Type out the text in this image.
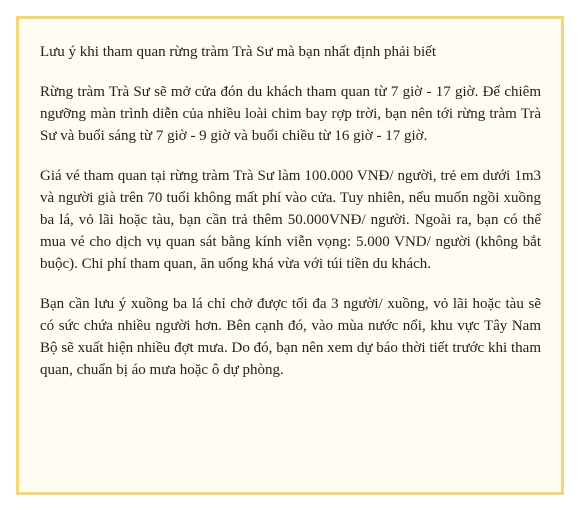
Lưu ý khi tham quan rừng tràm Trà Sư mà bạn nhất định phải biết

Rừng tràm Trà Sư sẽ mở cửa đón du khách tham quan từ 7 giờ - 17 giờ. Để chiêm ngưỡng màn trình diễn của nhiều loài chim bay rợp trời, bạn nên tới rừng tràm Trà Sư và buổi sáng từ 7 giờ - 9 giờ và buổi chiều từ 16 giờ - 17 giờ.

Giá vé tham quan tại rừng tràm Trà Sư làm 100.000 VNĐ/ người, trẻ em dưới 1m3 và người già trên 70 tuổi không mất phí vào cửa. Tuy nhiên, nếu muốn ngồi xuồng ba lá, vỏ lãi hoặc tàu, bạn cần trả thêm 50.000VNĐ/ người. Ngoài ra, bạn có thể mua vé cho dịch vụ quan sát bằng kính viễn vọng: 5.000 VND/ người (không bắt buộc). Chi phí tham quan, ăn uống khá vừa với túi tiền du khách.

Bạn cần lưu ý xuồng ba lá chỉ chở được tối đa 3 người/ xuồng, vỏ lãi hoặc tàu sẽ có sức chứa nhiều người hơn. Bên cạnh đó, vào mùa nước nổi, khu vực Tây Nam Bộ sẽ xuất hiện nhiều đợt mưa. Do đó, bạn nên xem dự báo thời tiết trước khi tham quan, chuẩn bị áo mưa hoặc ô dự phòng.
